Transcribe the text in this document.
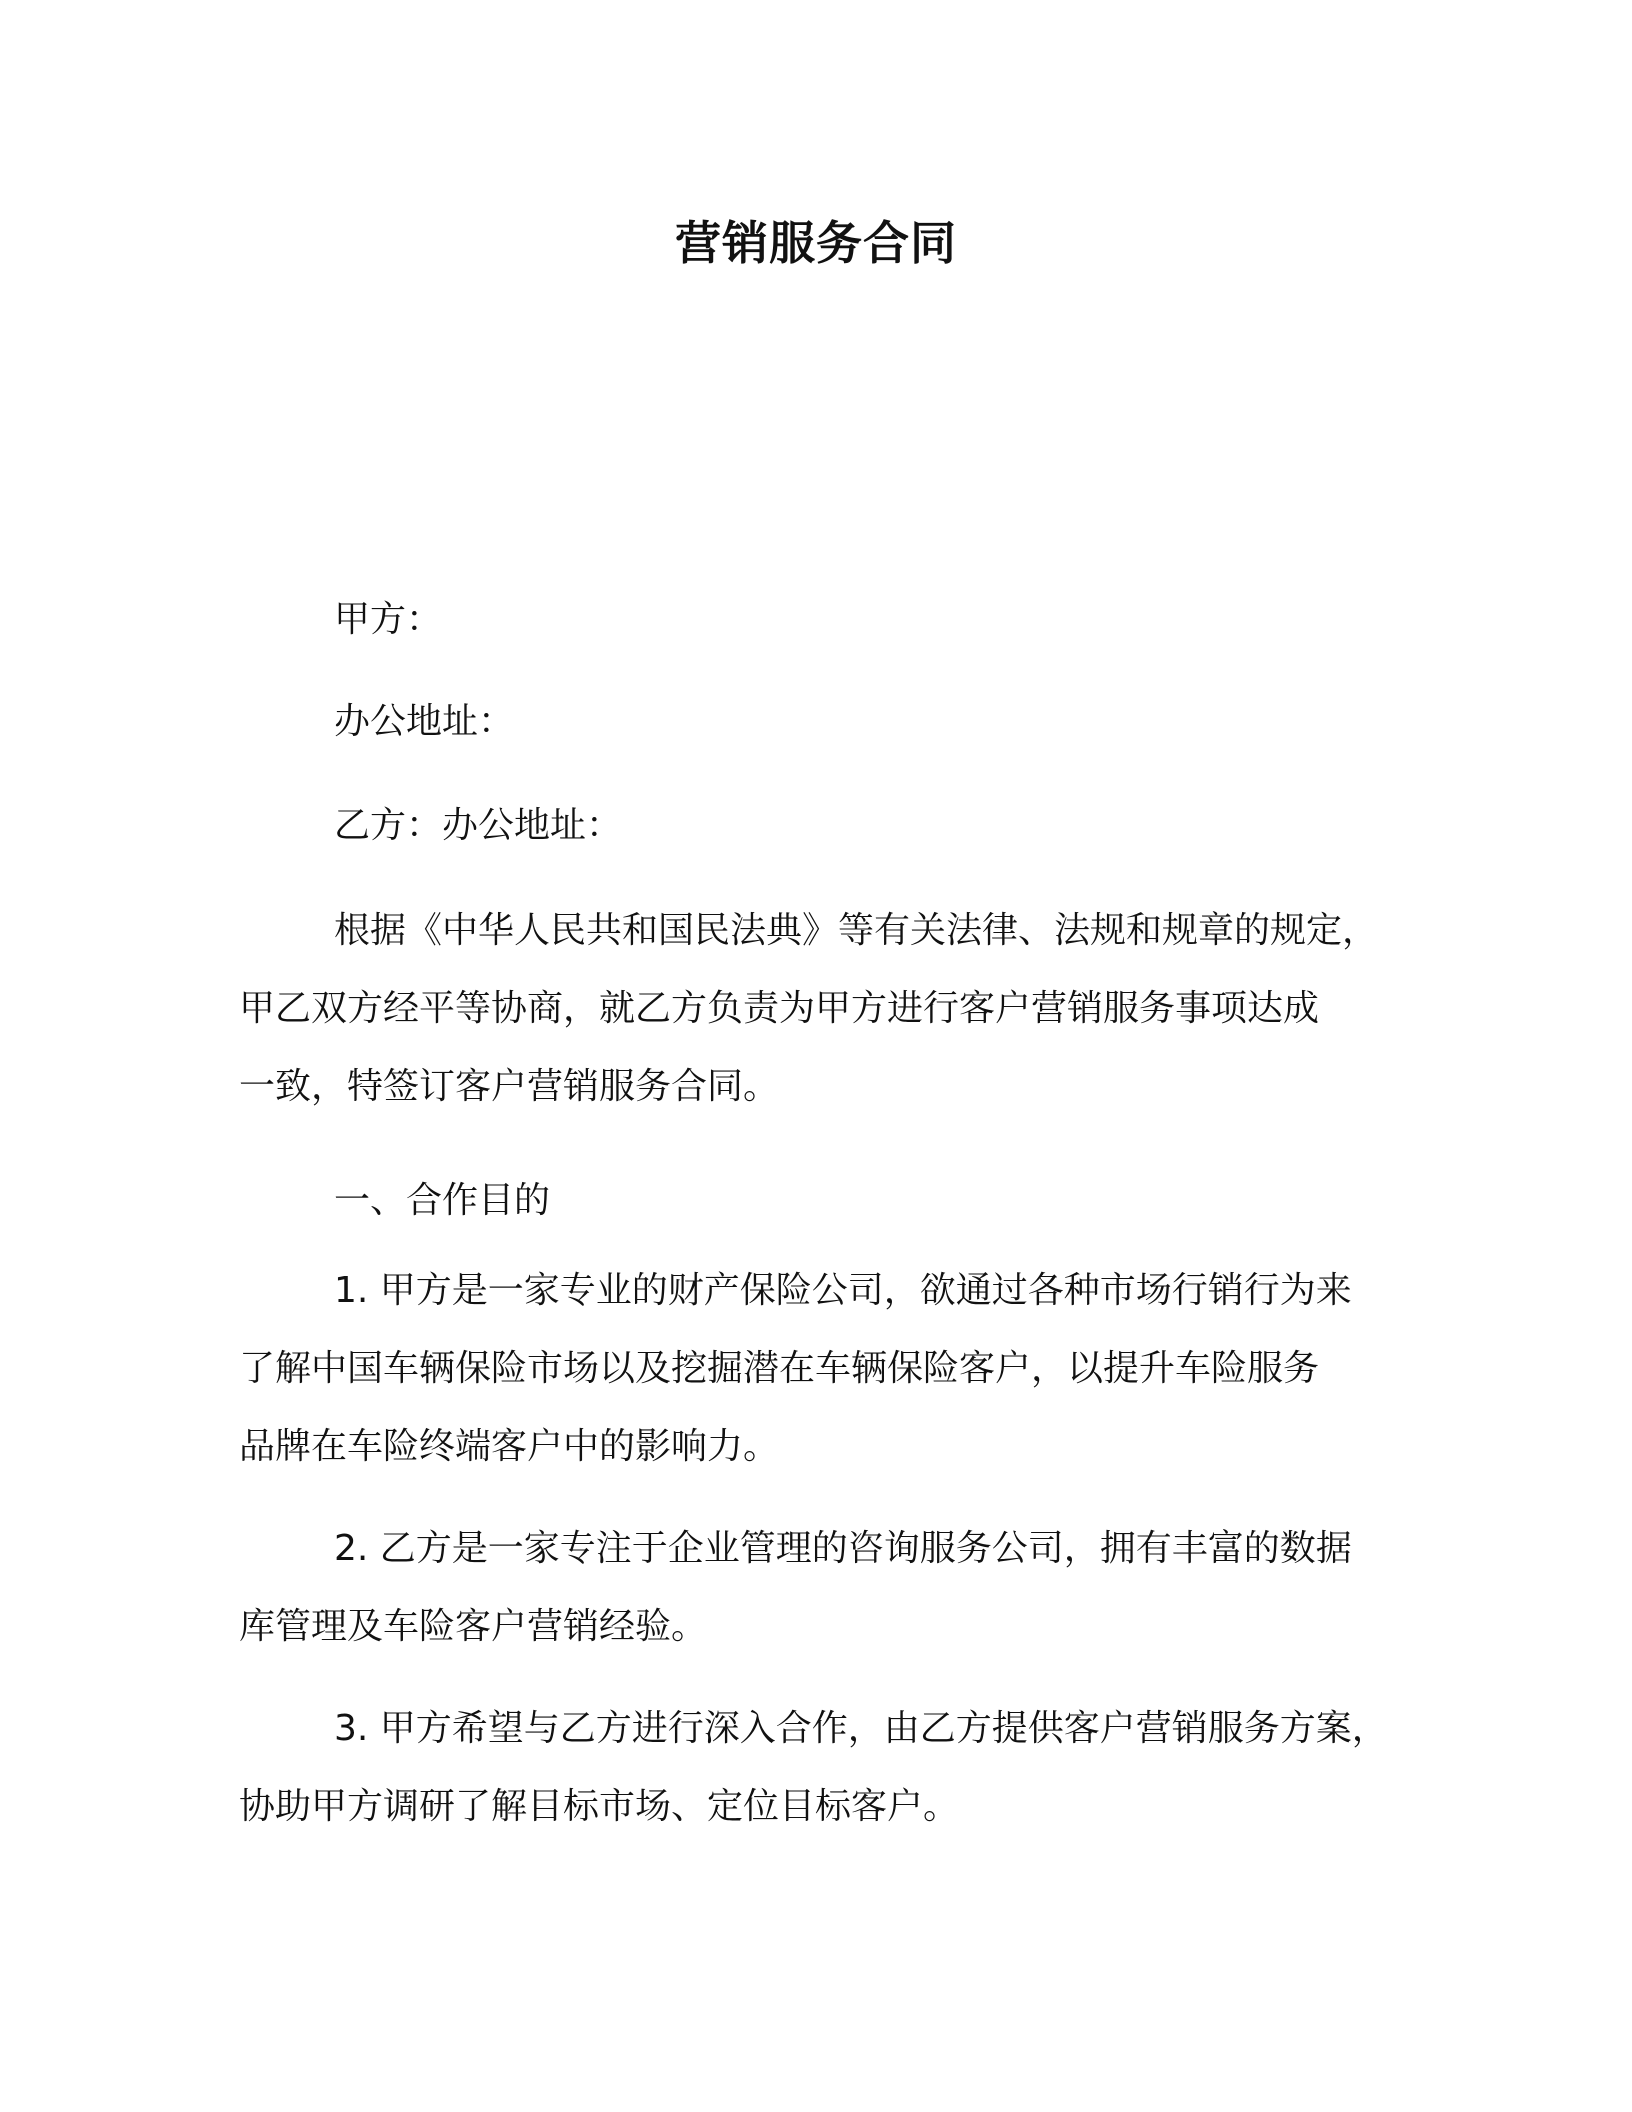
营销服务合同
甲方：
办公地址：
乙方：办公地址：
根据《中华人民共和国民法典》等有关法律、法规和规章的规定，
甲乙双方经平等协商，就乙方负责为甲方进行客户营销服务事项达成
一致，特签订客户营销服务合同。
一、合作目的
1. 甲方是一家专业的财产保险公司，欲通过各种市场行销行为来
了解中国车辆保险市场以及挖掘潜在车辆保险客户，以提升车险服务
品牌在车险终端客户中的影响力。
2. 乙方是一家专注于企业管理的咨询服务公司，拥有丰富的数据
库管理及车险客户营销经验。
3. 甲方希望与乙方进行深入合作，由乙方提供客户营销服务方案，
协助甲方调研了解目标市场、定位目标客户。
